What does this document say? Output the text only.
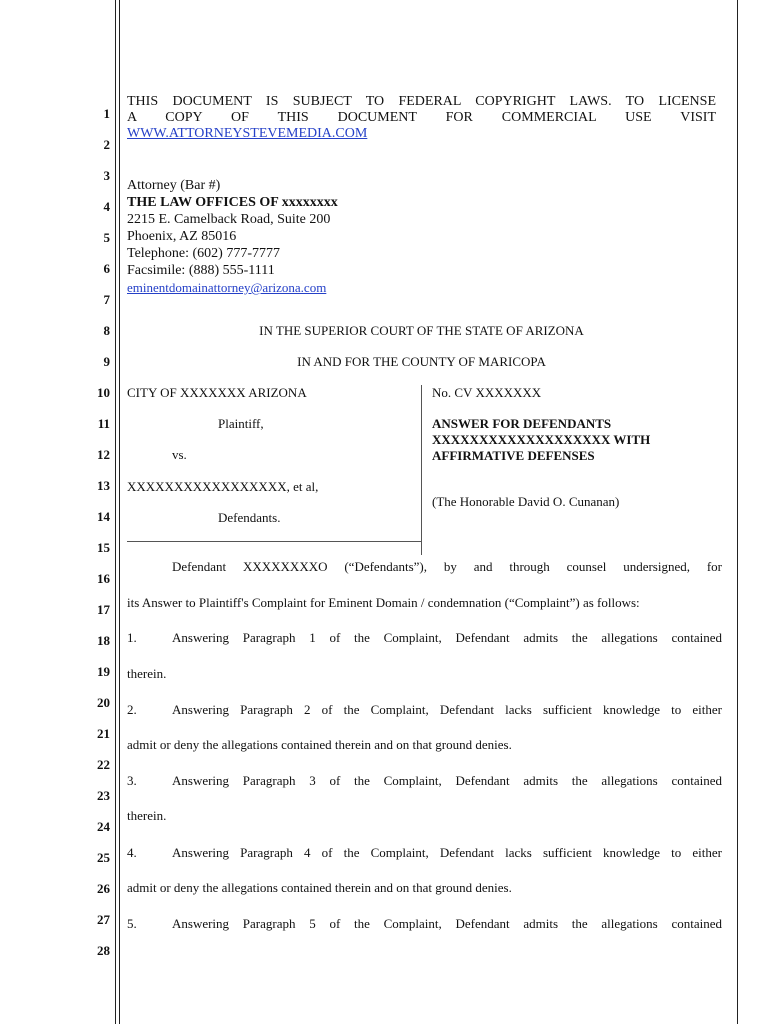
1
2
3
4
5
6
7
8
9
10
11
12
13
14
15
16
17
18
19
20
21
22
23
24
25
26
27
28
THIS DOCUMENT IS SUBJECT TO FEDERAL COPYRIGHT LAWS. TO LICENSE
A COPY OF THIS DOCUMENT FOR COMMERCIAL USE VISIT
WWW.ATTORNEYSTEVEMEDIA.COM
Attorney (Bar #)
THE LAW OFFICES OF xxxxxxxx
2215 E. Camelback Road, Suite 200
Phoenix, AZ 85016
Telephone: (602) 777-7777
Facsimile: (888) 555-1111
eminentdomainattorney@arizona.com
IN THE SUPERIOR COURT OF THE STATE OF ARIZONA
IN AND FOR THE COUNTY OF MARICOPA
CITY OF XXXXXXX ARIZONA
Plaintiff,
vs.
XXXXXXXXXXXXXXXXX, et al,
Defendants.
No. CV XXXXXXX
ANSWER FOR DEFENDANTS
XXXXXXXXXXXXXXXXXXX WITH
AFFIRMATIVE DEFENSES
(The Honorable David O. Cunanan)
Defendant XXXXXXXXO (“Defendants”), by and through counsel undersigned, for
its Answer to Plaintiff's Complaint for Eminent Domain / condemnation (“Complaint”) as follows:
1.	Answering Paragraph 1 of the Complaint, Defendant admits the allegations contained
therein.
2.	Answering Paragraph 2 of the Complaint, Defendant lacks sufficient knowledge to either
admit or deny the allegations contained therein and on that ground denies.
3.	Answering Paragraph 3 of the Complaint, Defendant admits the allegations contained
therein.
4.	Answering Paragraph 4 of the Complaint, Defendant lacks sufficient knowledge to either
admit or deny the allegations contained therein and on that ground denies.
5.	Answering Paragraph 5 of the Complaint, Defendant admits the allegations contained
